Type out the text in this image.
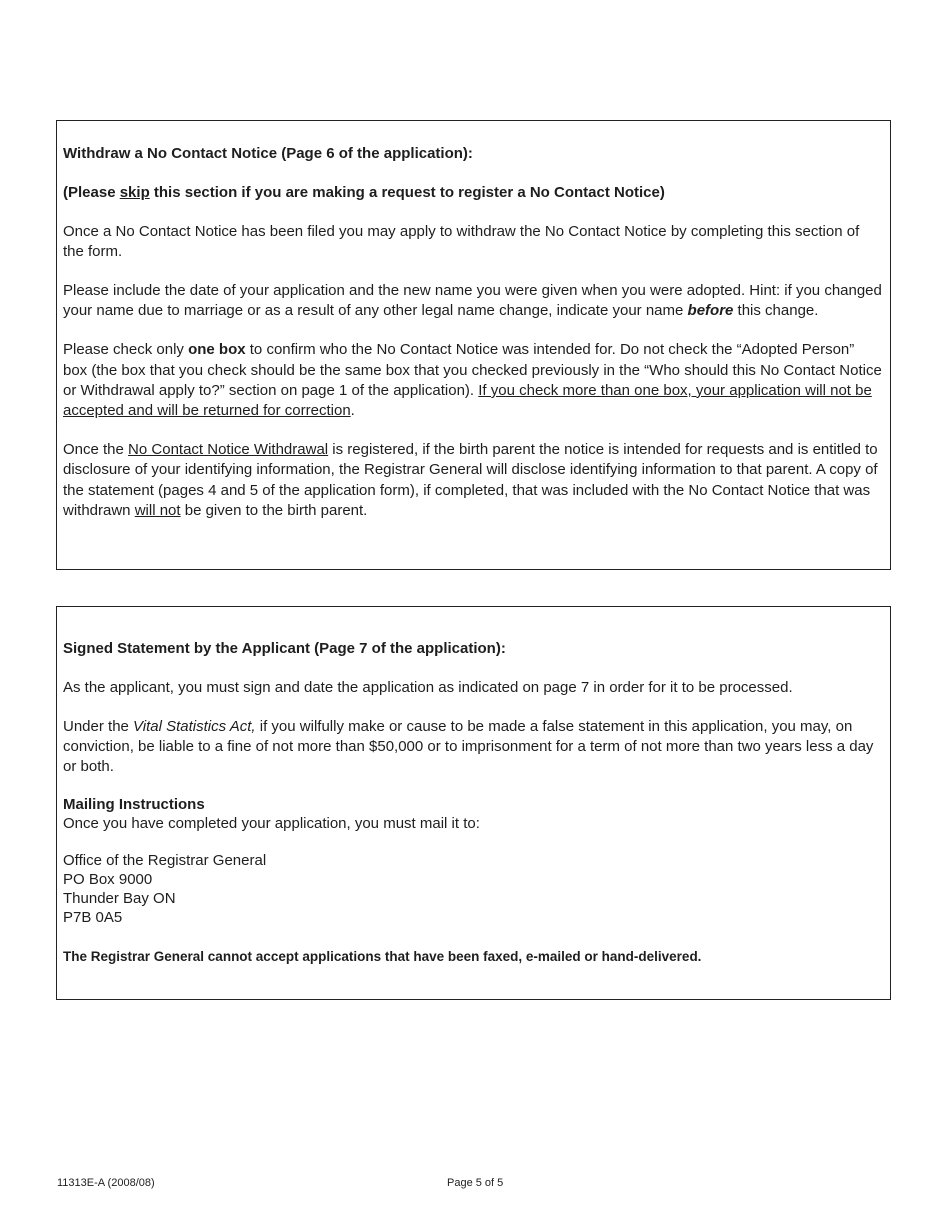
Withdraw a No Contact Notice (Page 6 of the application):

(Please skip this section if you are making a request to register a No Contact Notice)

Once a No Contact Notice has been filed you may apply to withdraw the No Contact Notice by completing this section of the form.

Please include the date of your application and the new name you were given when you were adopted. Hint: if you changed your name due to marriage or as a result of any other legal name change, indicate your name before this change.

Please check only one box to confirm who the No Contact Notice was intended for. Do not check the “Adopted Person” box (the box that you check should be the same box that you checked previously in the “Who should this No Contact Notice or Withdrawal apply to?” section on page 1 of the application). If you check more than one box, your application will not be accepted and will be returned for correction.

Once the No Contact Notice Withdrawal is registered, if the birth parent the notice is intended for requests and is entitled to disclosure of your identifying information, the Registrar General will disclose identifying information to that parent. A copy of the statement (pages 4 and 5 of the application form), if completed, that was included with the No Contact Notice that was withdrawn will not be given to the birth parent.

Signed Statement by the Applicant (Page 7 of the application):

As the applicant, you must sign and date the application as indicated on page 7 in order for it to be processed.

Under the Vital Statistics Act, if you wilfully make or cause to be made a false statement in this application, you may, on conviction, be liable to a fine of not more than $50,000 or to imprisonment for a term of not more than two years less a day or both.

Mailing Instructions

Once you have completed your application, you must mail it to:

Office of the Registrar General

PO Box 9000

Thunder Bay ON

P7B 0A5

The Registrar General cannot accept applications that have been faxed, e-mailed or hand-delivered.

11313E-A (2008/08)	Page 5 of 5
